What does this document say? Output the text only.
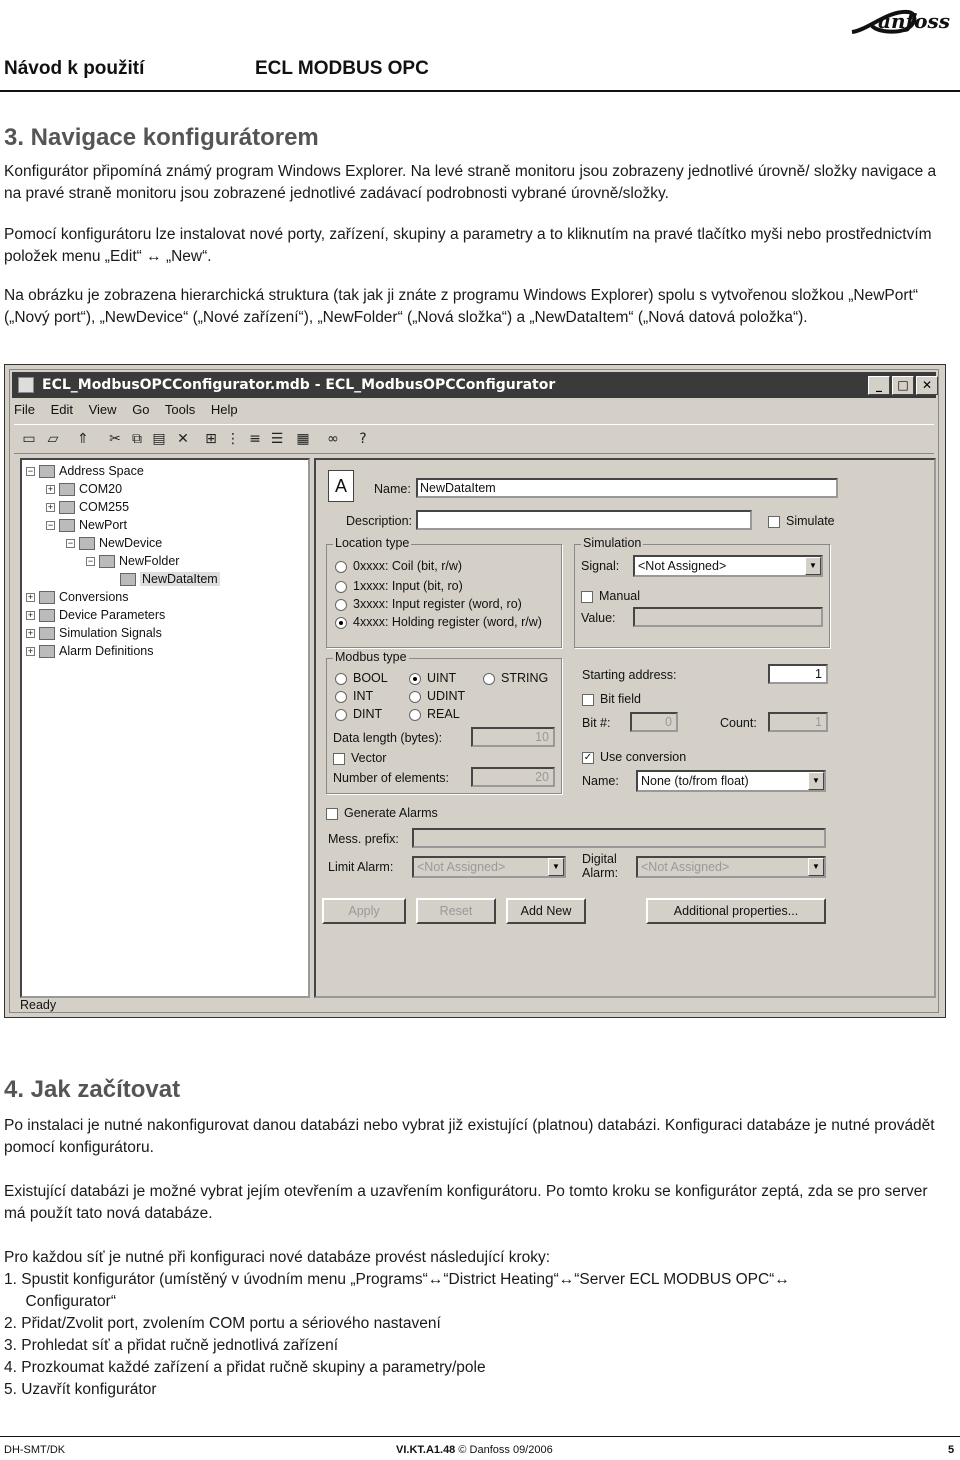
anfoss
Návod k použití	ECL MODBUS OPC
3. Navigace konfigurátorem
Konfigurátor připomíná známý program Windows Explorer. Na levé straně monitoru jsou zobrazeny jednotlivé úrovně/ složky navigace a na pravé straně monitoru jsou zobrazené jednotlivé zadávací podrobnosti vybrané úrovně/složky.
Pomocí konfigurátoru lze instalovat nové porty, zařízení, skupiny a parametry a to kliknutím na pravé tlačítko myši nebo prostřednictvím položek menu „Edit“ ↔ „New“.
Na obrázku je zobrazena hierarchická struktura (tak jak ji znáte z programu Windows Explorer) spolu s vytvořenou složkou „NewPort“ („Nový port“), „NewDevice“ („Nové zařízení“), „NewFolder“ („Nová složka“) a „NewDataItem“ („Nová datová položka“).
ECL_ModbusOPCConfigurator.mdb - ECL_ModbusOPCConfigurator	_	□	✕
File Edit View Go Tools Help
▭ ▱ ⇑ ✂ ⧉ ▤ ✕ ⊞ ⋮ ≡ ☰ ▦ ∞	?
− Address Space
+ COM20
+ COM255
− NewPort
− NewDevice
− NewFolder
NewDataItem
+ Conversions
+ Device Parameters
+ Simulation Signals
+ Alarm Definitions
A	Name: NewDataItem
Description:	Simulate
Location type
0xxxx: Coil (bit, r/w)
1xxxx: Input (bit, ro)
3xxxx: Input register (word, ro)
4xxxx: Holding register (word, r/w)
Simulation
Signal:	<Not Assigned>	▼
Manual
Value:
Modbus type
BOOL	UINT	STRING
INT	UDINT
DINT	REAL
Data length (bytes):	10
Vector
Number of elements:	20
Starting address:	1
Bit field
Bit #:	0	Count:	1
✓ Use conversion
Name:	None (to/from float)	▼
Generate Alarms
Mess. prefix:
Limit Alarm:	<Not Assigned>	▼
Digital
Alarm:	<Not Assigned>	▼
Apply	Reset	Add New	Additional properties...
Ready
4. Jak začítovat
Po instalaci je nutné nakonfigurovat danou databázi nebo vybrat již existující (platnou) databázi. Konfiguraci databáze je nutné provádět pomocí konfigurátoru.
Existující databázi je možné vybrat jejím otevřením a uzavřením konfigurátoru. Po tomto kroku se konfigurátor zeptá, zda se pro server má použít tato nová databáze.
Pro každou síť je nutné při konfiguraci nové databáze provést následující kroky:
1. Spustit konfigurátor (umístěný v úvodním menu „Programs“↔“District Heating“↔“Server ECL MODBUS OPC“↔
Configurator“
2. Přidat/Zvolit port, zvolením COM portu a sériového nastavení
3. Prohledat síť a přidat ručně jednotlivá zařízení
4. Prozkoumat každé zařízení a přidat ručně skupiny a parametry/pole
5. Uzavřít konfigurátor
DH-SMT/DK	VI.KT.A1.48 © Danfoss 09/2006	5
